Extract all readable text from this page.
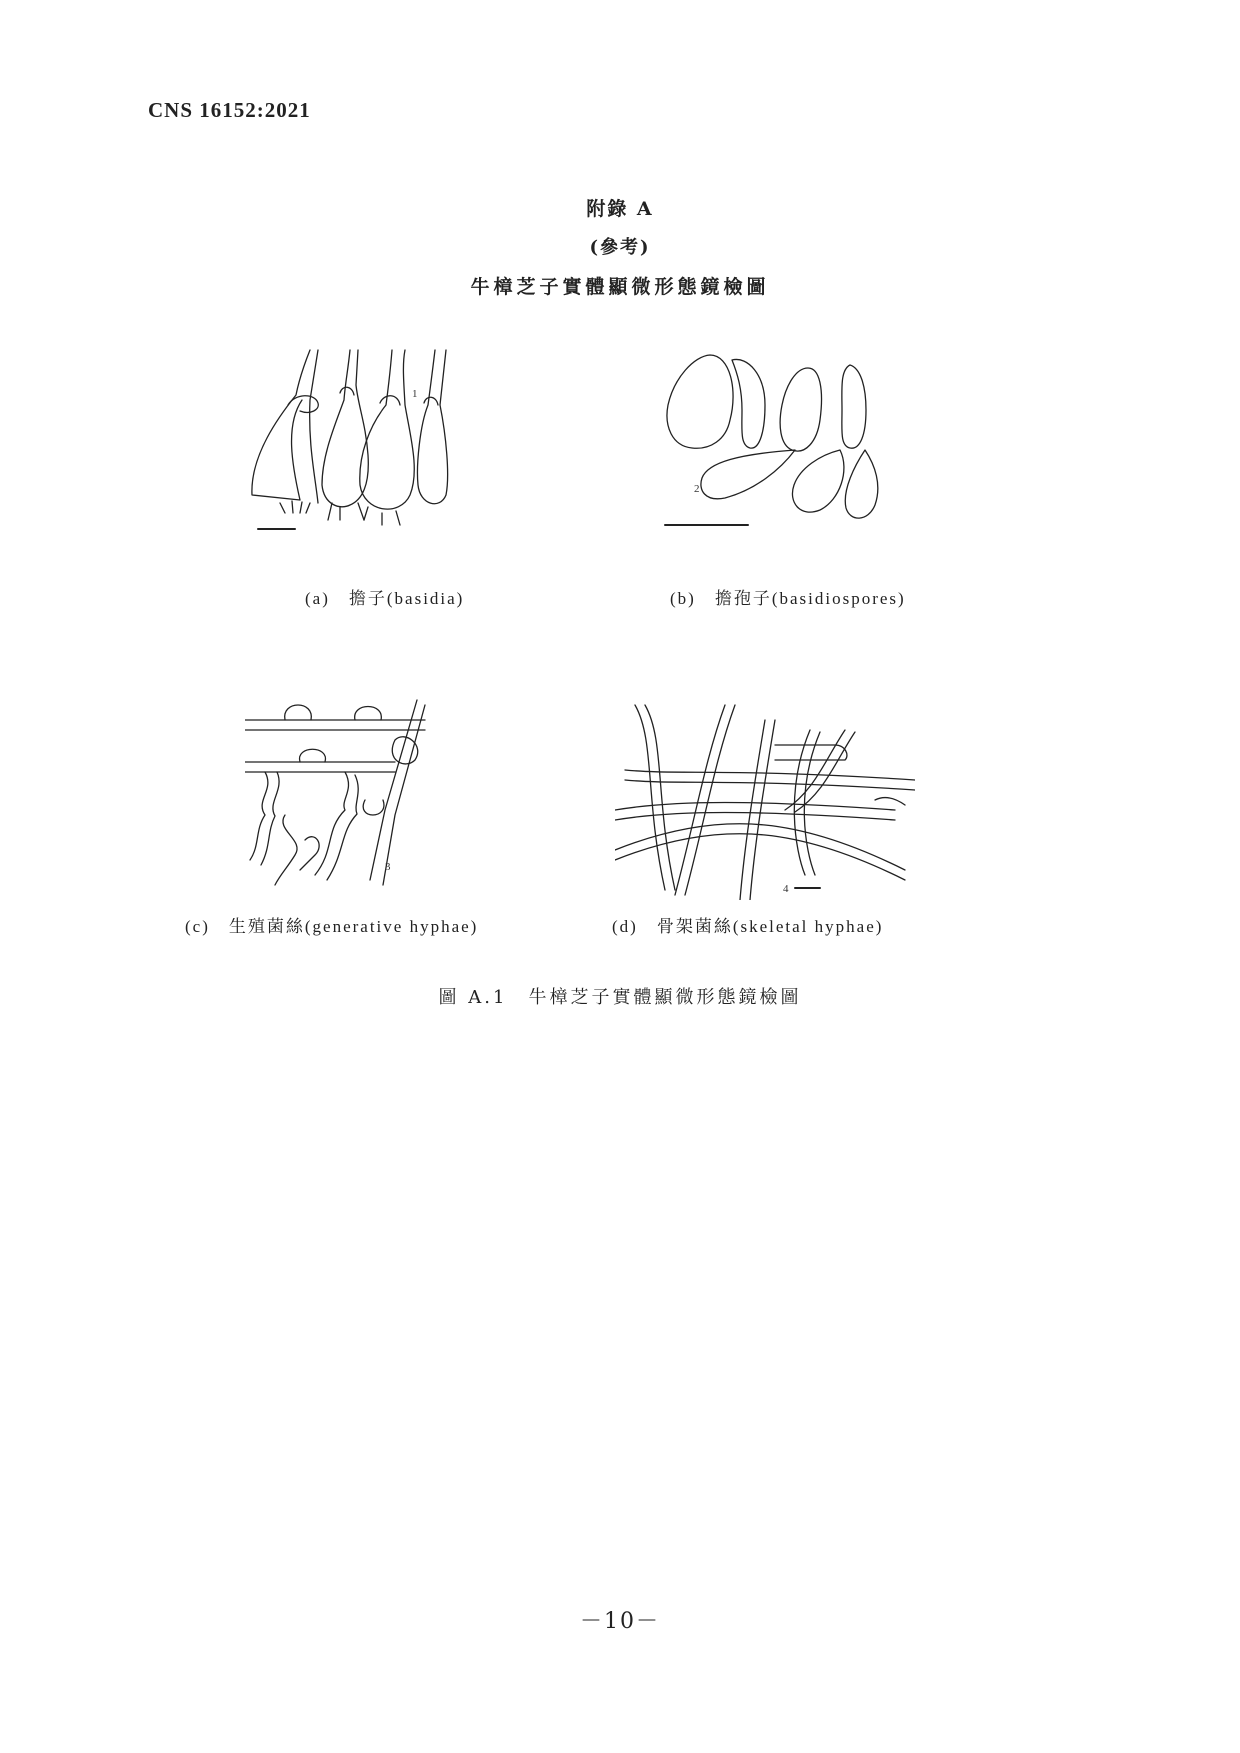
CNS 16152:2021
附錄 A
(參考)
牛樟芝子實體顯微形態鏡檢圖
1
(a)　擔子(basidia)
2
(b)　擔孢子(basidiospores)
3
(c)　生殖菌絲(generative hyphae)
4
(d)　骨架菌絲(skeletal hyphae)
圖 A.1　牛樟芝子實體顯微形態鏡檢圖
－10－
